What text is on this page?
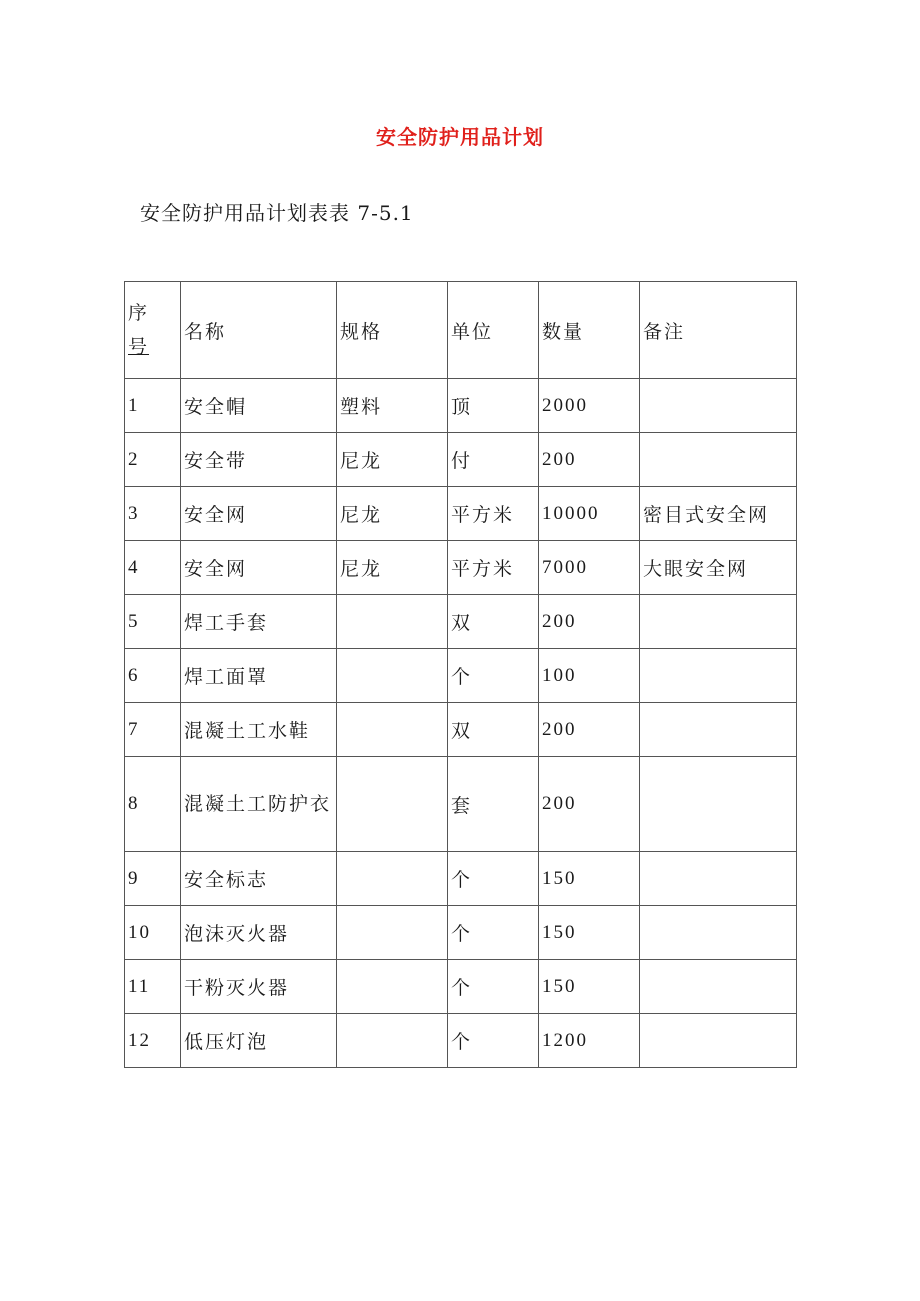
安全防护用品计划
安全防护用品计划表表 7-5.1
序
号	名称	规格	单位	数量	备注
1	安全帽	塑料	顶	2000	
2	安全带	尼龙	付	200	
3	安全网	尼龙	平方米	10000	密目式安全网
4	安全网	尼龙	平方米	7000	大眼安全网
5	焊工手套		双	200	
6	焊工面罩		个	100	
7	混凝土工水鞋		双	200	
8	混凝土工防护衣		套	200	
9	安全标志		个	150	
10	泡沫灭火器		个	150	
11	干粉灭火器		个	150	
12	低压灯泡		个	1200	
